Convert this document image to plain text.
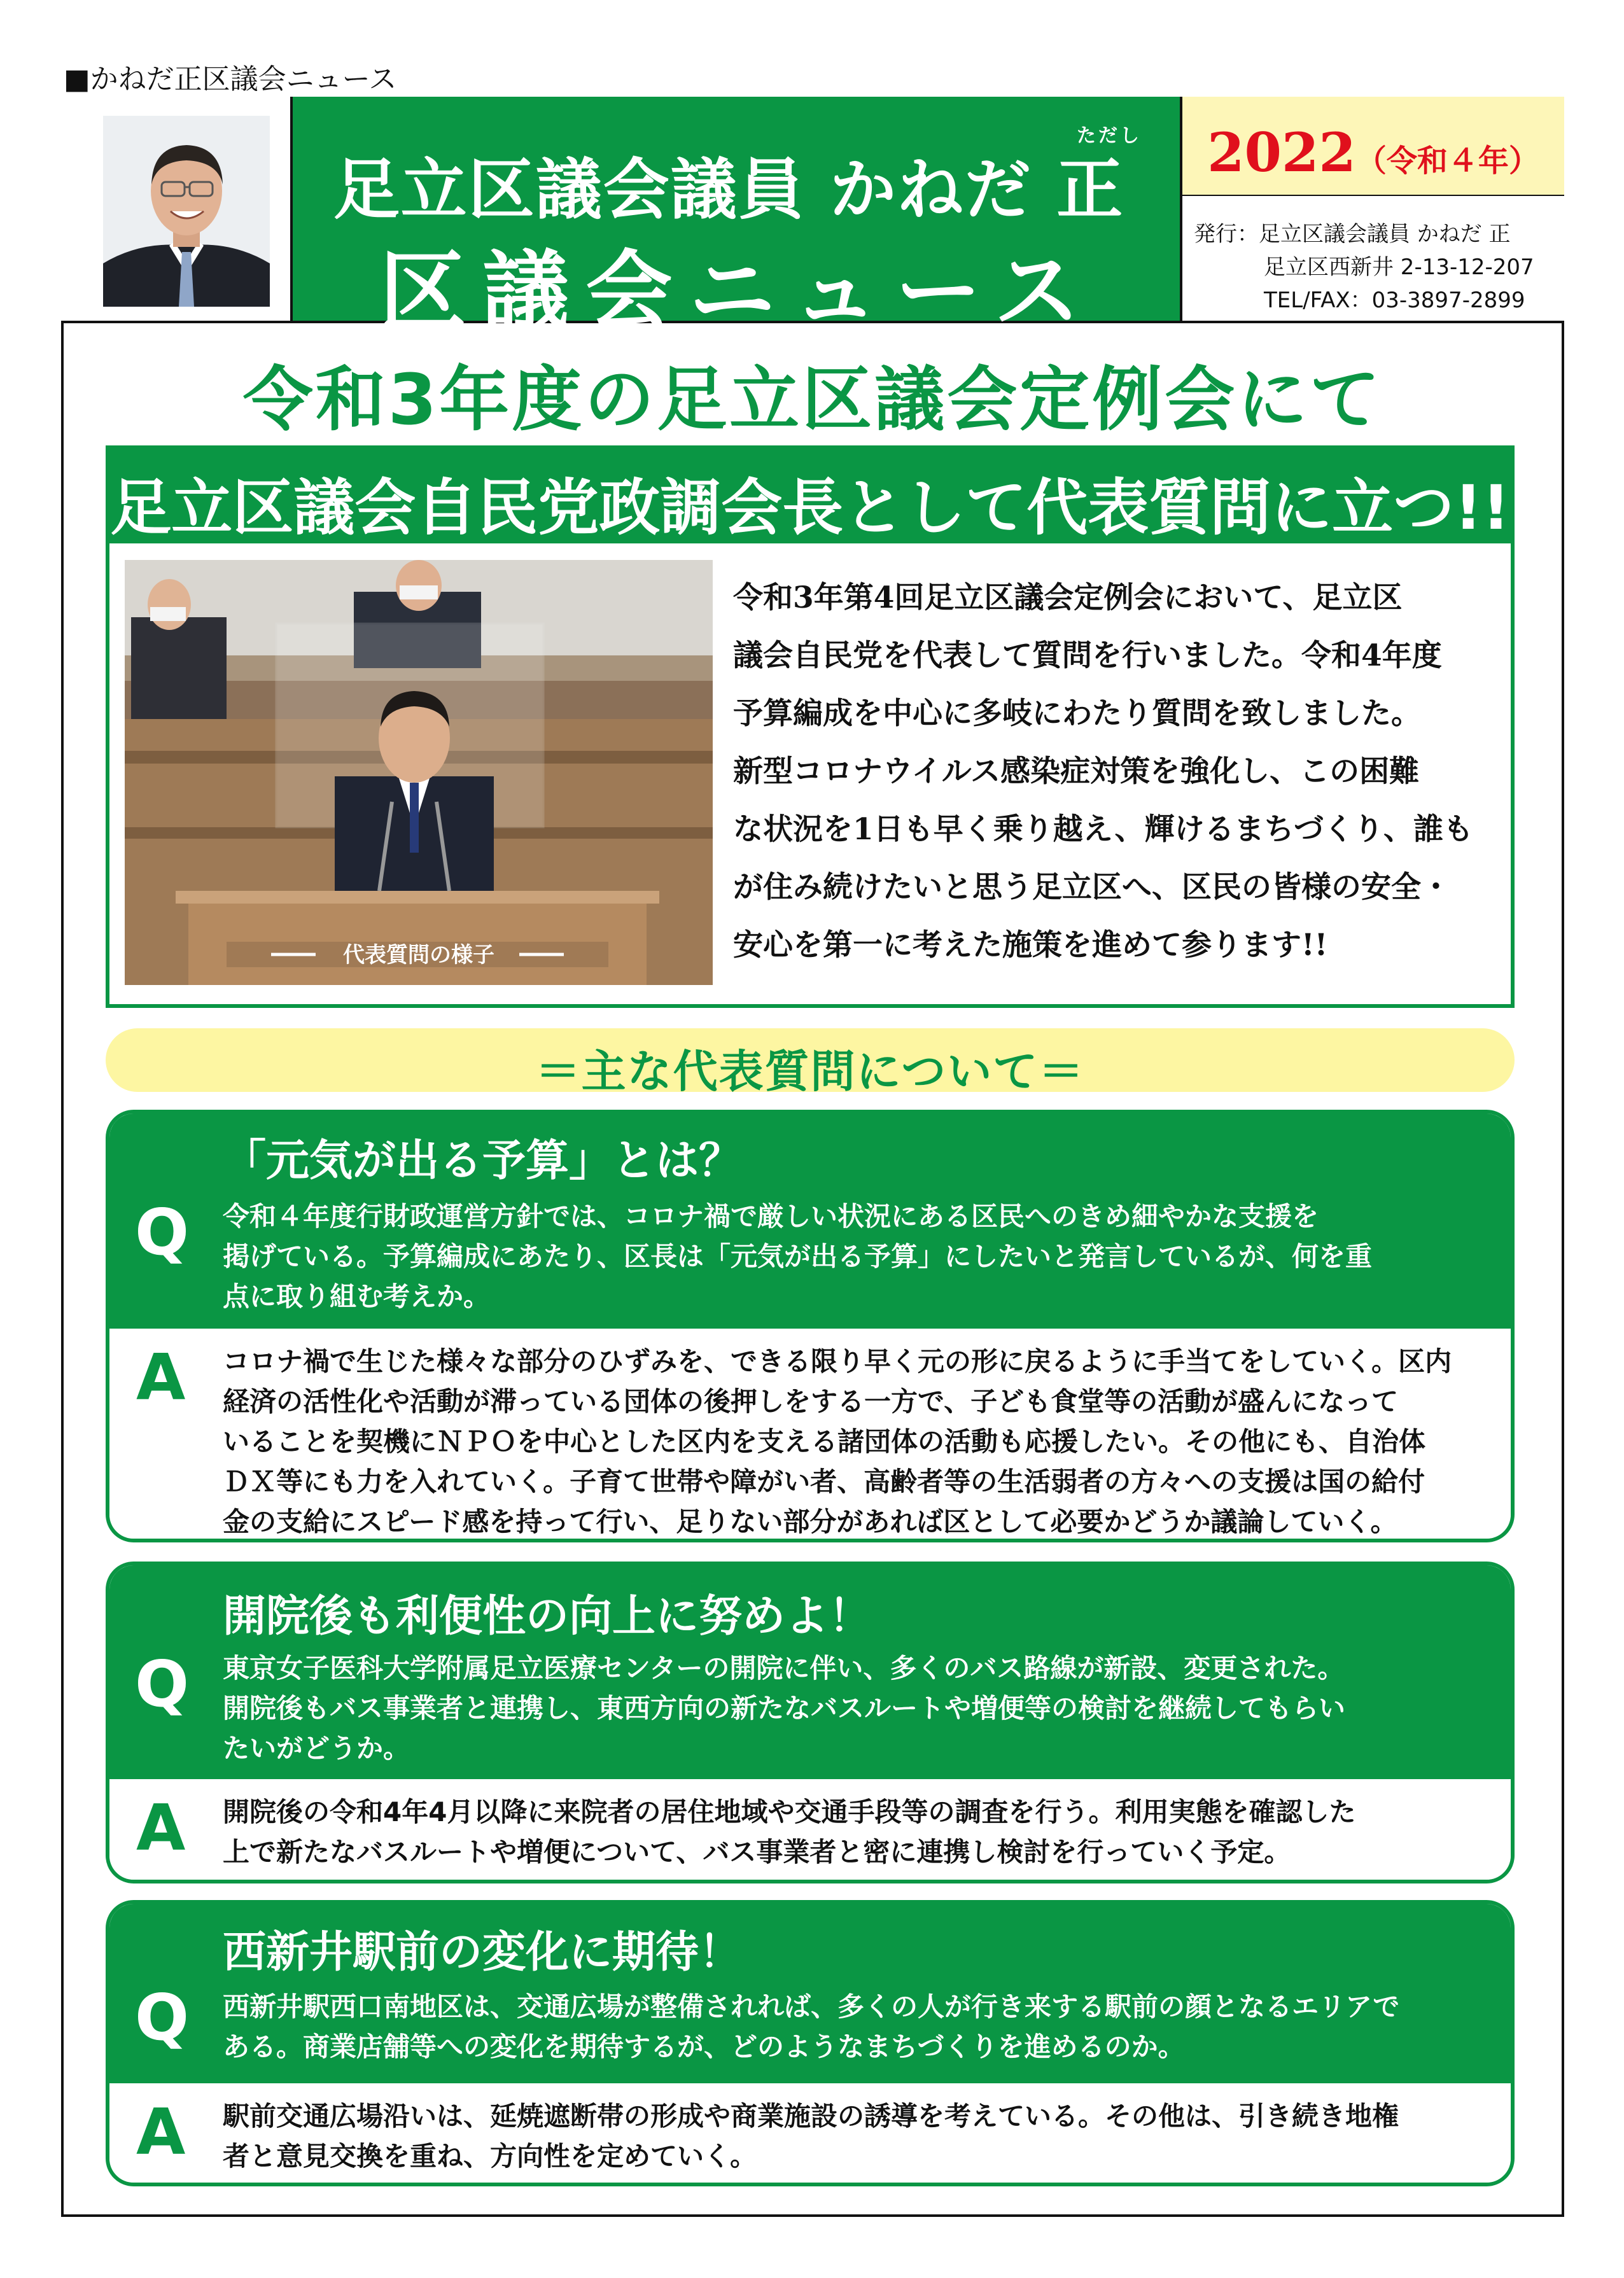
■かねだ正区議会ニュース
ただし
足立区議会議員 かねだ 正
区議会ニュース
2022（令和４年）
発行：足立区議会議員 かねだ 正
足立区西新井 2-13-12-207
TEL/FAX：03-3897-2899
令和3年度の足立区議会定例会にて
足立区議会自民党政調会長として代表質問に立つ!!
代表質問の様子
令和3年第4回足立区議会定例会において、足立区
議会自民党を代表して質問を行いました。令和4年度
予算編成を中心に多岐にわたり質問を致しました。
新型コロナウイルス感染症対策を強化し、この困難
な状況を1日も早く乗り越え、輝けるまちづくり、誰も
が住み続けたいと思う足立区へ、区民の皆様の安全・
安心を第一に考えた施策を進めて参ります!!
＝主な代表質問について＝
「元気が出る予算」とは？
Q 令和４年度行財政運営方針では、コロナ禍で厳しい状況にある区民へのきめ細やかな支援を
掲げている。予算編成にあたり、区長は「元気が出る予算」にしたいと発言しているが、何を重
点に取り組む考えか。
A コロナ禍で生じた様々な部分のひずみを、できる限り早く元の形に戻るように手当てをしていく。区内
経済の活性化や活動が滞っている団体の後押しをする一方で、子ども食堂等の活動が盛んになって
いることを契機にＮＰＯを中心とした区内を支える諸団体の活動も応援したい。その他にも、自治体
ＤＸ等にも力を入れていく。子育て世帯や障がい者、高齢者等の生活弱者の方々への支援は国の給付
金の支給にスピード感を持って行い、足りない部分があれば区として必要かどうか議論していく。
開院後も利便性の向上に努めよ！
Q 東京女子医科大学附属足立医療センターの開院に伴い、多くのバス路線が新設、変更された。
開院後もバス事業者と連携し、東西方向の新たなバスルートや増便等の検討を継続してもらい
たいがどうか。
A 開院後の令和4年4月以降に来院者の居住地域や交通手段等の調査を行う。利用実態を確認した
上で新たなバスルートや増便について、バス事業者と密に連携し検討を行っていく予定。
西新井駅前の変化に期待！
Q 西新井駅西口南地区は、交通広場が整備されれば、多くの人が行き来する駅前の顔となるエリアで
ある。商業店舗等への変化を期待するが、どのようなまちづくりを進めるのか。
A 駅前交通広場沿いは、延焼遮断帯の形成や商業施設の誘導を考えている。その他は、引き続き地権
者と意見交換を重ね、方向性を定めていく。
